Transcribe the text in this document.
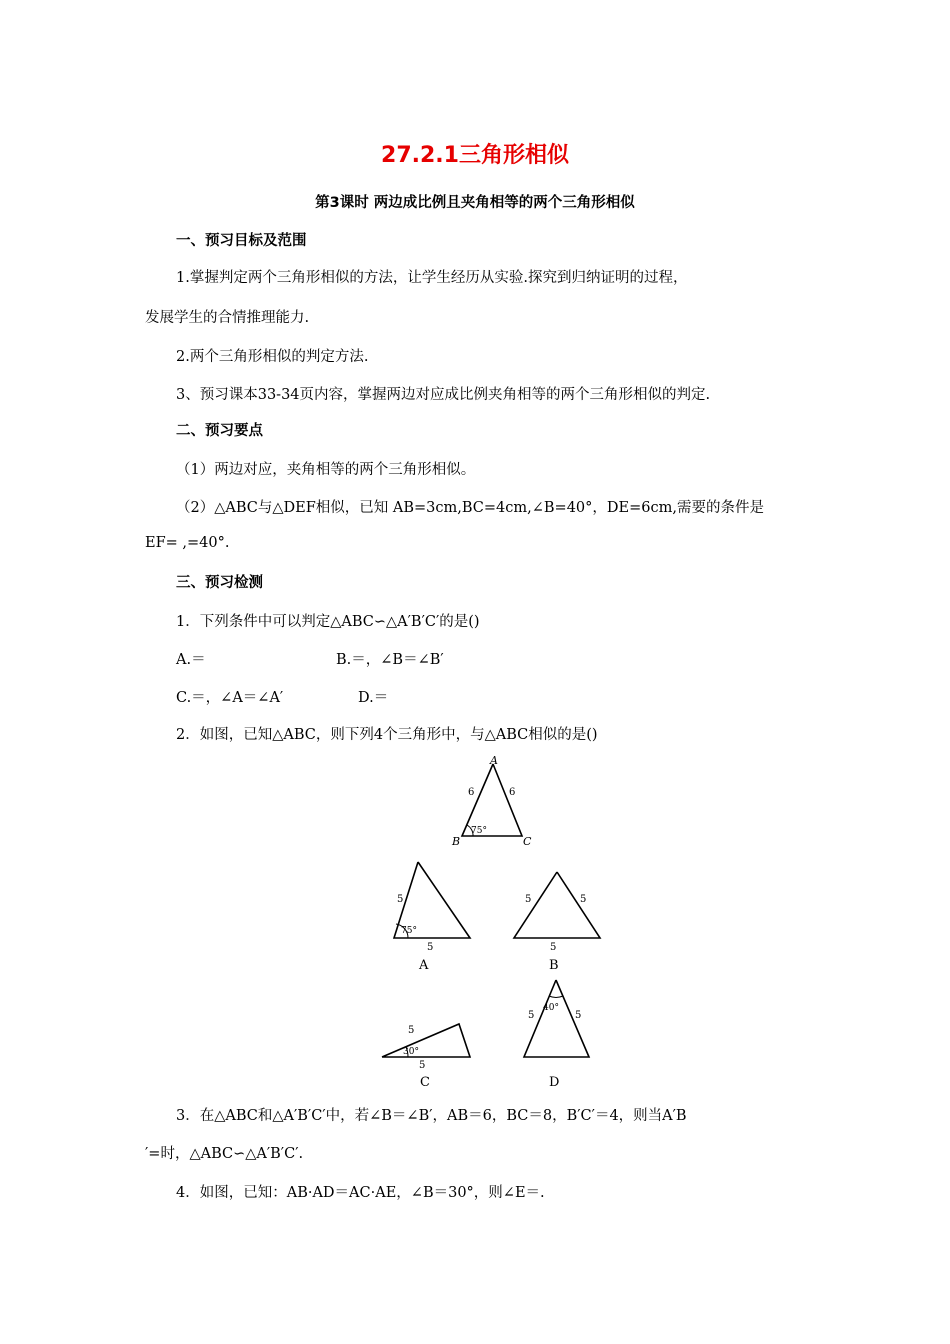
27.2.1三角形相似
第3课时 两边成比例且夹角相等的两个三角形相似
一、预习目标及范围
1.掌握判定两个三角形相似的方法，让学生经历从实验.探究到归纳证明的过程，
发展学生的合情推理能力.
2.两个三角形相似的判定方法.
3、预习课本33-34页内容，掌握两边对应成比例夹角相等的两个三角形相似的判定.
二、预习要点
（1）两边对应，夹角相等的两个三角形相似。
（2）△ABC与△DEF相似，已知 AB=3cm,BC=4cm,∠B=40°，DE=6cm,需要的条件是
EF= ,=40°.
三、预习检测
1．下列条件中可以判定△ABC∽△A′B′C′的是()
A.＝	B.＝，∠B＝∠B′
C.＝，∠A＝∠A′	D.＝
2．如图，已知△ABC，则下列4个三角形中，与△ABC相似的是()
A
B	C
6	6
75°
5
5
75°
A
5	5
5
B
5
5
30°
C
5	5
40°
D
3．在△ABC和△A′B′C′中，若∠B＝∠B′，AB＝6，BC＝8，B′C′＝4，则当A′B
′=时，△ABC∽△A′B′C′.
4．如图，已知：AB·AD＝AC·AE，∠B＝30°，则∠E＝.
